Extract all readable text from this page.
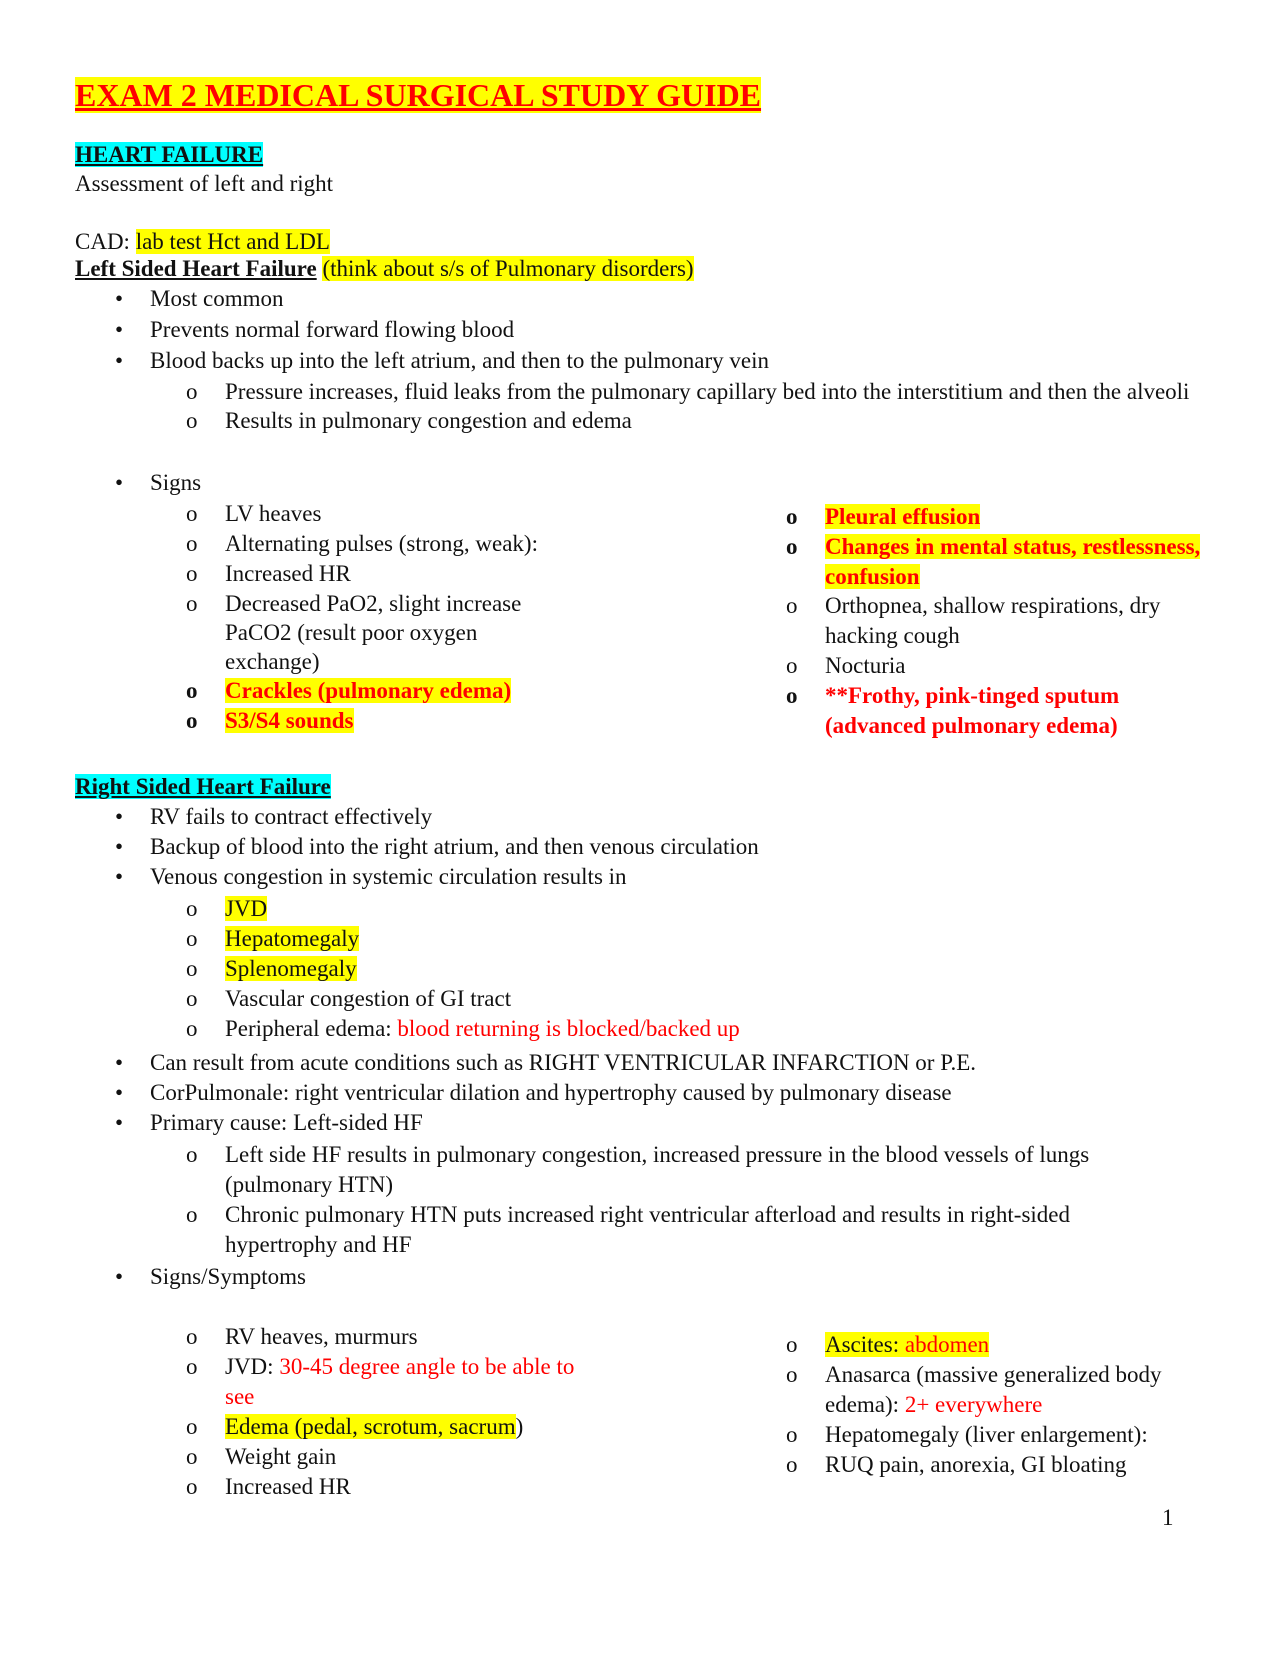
EXAM 2 MEDICAL SURGICAL STUDY GUIDE
HEART FAILURE
Assessment of left and right
CAD: lab test Hct and LDL
Left Sided Heart Failure (think about s/s of Pulmonary disorders)
• Most common
• Prevents normal forward flowing blood
• Blood backs up into the left atrium, and then to the pulmonary vein
o Pressure increases, fluid leaks from the pulmonary capillary bed into the interstitium and then the alveoli
o Results in pulmonary congestion and edema
• Signs
o LV heaves
o Alternating pulses (strong, weak):
o Increased HR
o Decreased PaO2, slight increase PaCO2 (result poor oxygen exchange)
o Crackles (pulmonary edema)
o S3/S4 sounds
o Pleural effusion
o Changes in mental status, restlessness, confusion
o Orthopnea, shallow respirations, dry hacking cough
o Nocturia
o **Frothy, pink-tinged sputum (advanced pulmonary edema)
Right Sided Heart Failure
• RV fails to contract effectively
• Backup of blood into the right atrium, and then venous circulation
• Venous congestion in systemic circulation results in
o JVD
o Hepatomegaly
o Splenomegaly
o Vascular congestion of GI tract
o Peripheral edema: blood returning is blocked/backed up
• Can result from acute conditions such as RIGHT VENTRICULAR INFARCTION or P.E.
• CorPulmonale: right ventricular dilation and hypertrophy caused by pulmonary disease
• Primary cause: Left-sided HF
o Left side HF results in pulmonary congestion, increased pressure in the blood vessels of lungs (pulmonary HTN)
o Chronic pulmonary HTN puts increased right ventricular afterload and results in right-sided hypertrophy and HF
• Signs/Symptoms
o RV heaves, murmurs
o JVD: 30-45 degree angle to be able to see
o Edema (pedal, scrotum, sacrum)
o Weight gain
o Increased HR
o Ascites: abdomen
o Anasarca (massive generalized body edema): 2+ everywhere
o Hepatomegaly (liver enlargement):
o RUQ pain, anorexia, GI bloating
1
